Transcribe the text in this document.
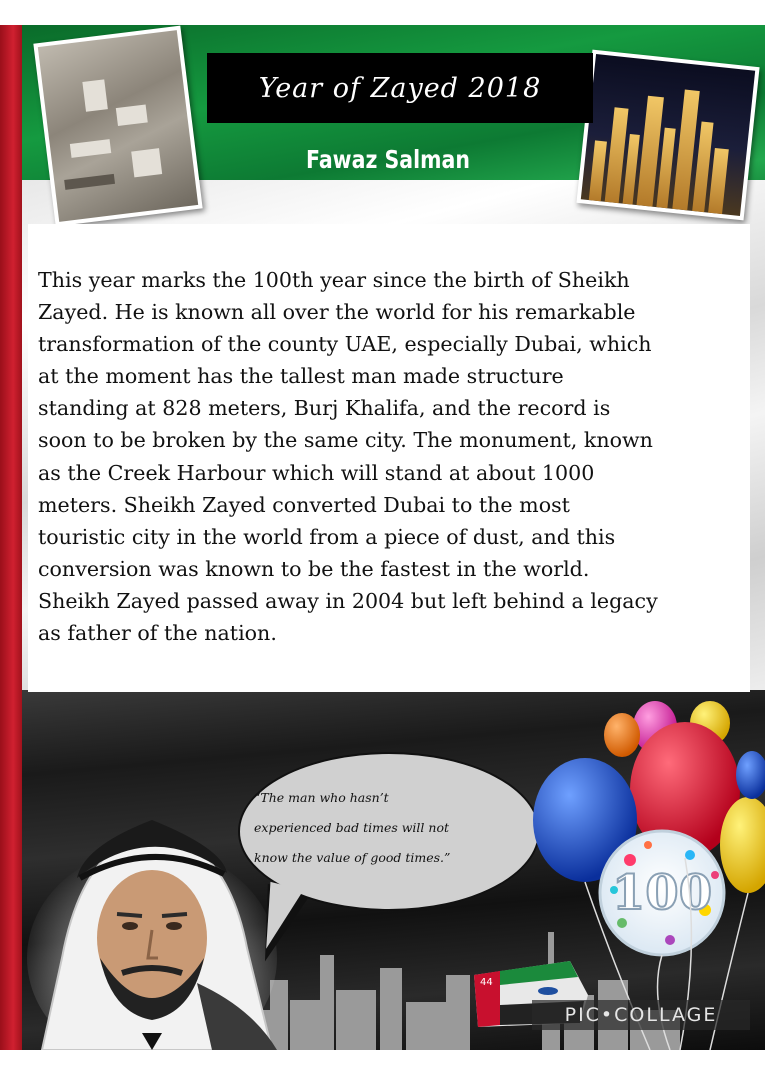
Year of Zayed 2018
Fawaz Salman

This year marks the 100th year since the birth of Sheikh
Zayed. He is known all over the world for his remarkable
transformation of the county UAE, especially Dubai, which
at the moment has the tallest man made structure
standing at 828 meters, Burj Khalifa, and the record is
soon to be broken by the same city. The monument, known
as the Creek Harbour which will stand at about 1000
meters. Sheikh Zayed converted Dubai to the most
touristic city in the world from a piece of dust, and this
conversion was known to be the fastest in the world.
Sheikh Zayed passed away in 2004 but left behind a legacy
as father of the nation.

“The man who hasn’t
experienced bad times will not
know the value of good times.”

44
100
PIC•COLLAGE
